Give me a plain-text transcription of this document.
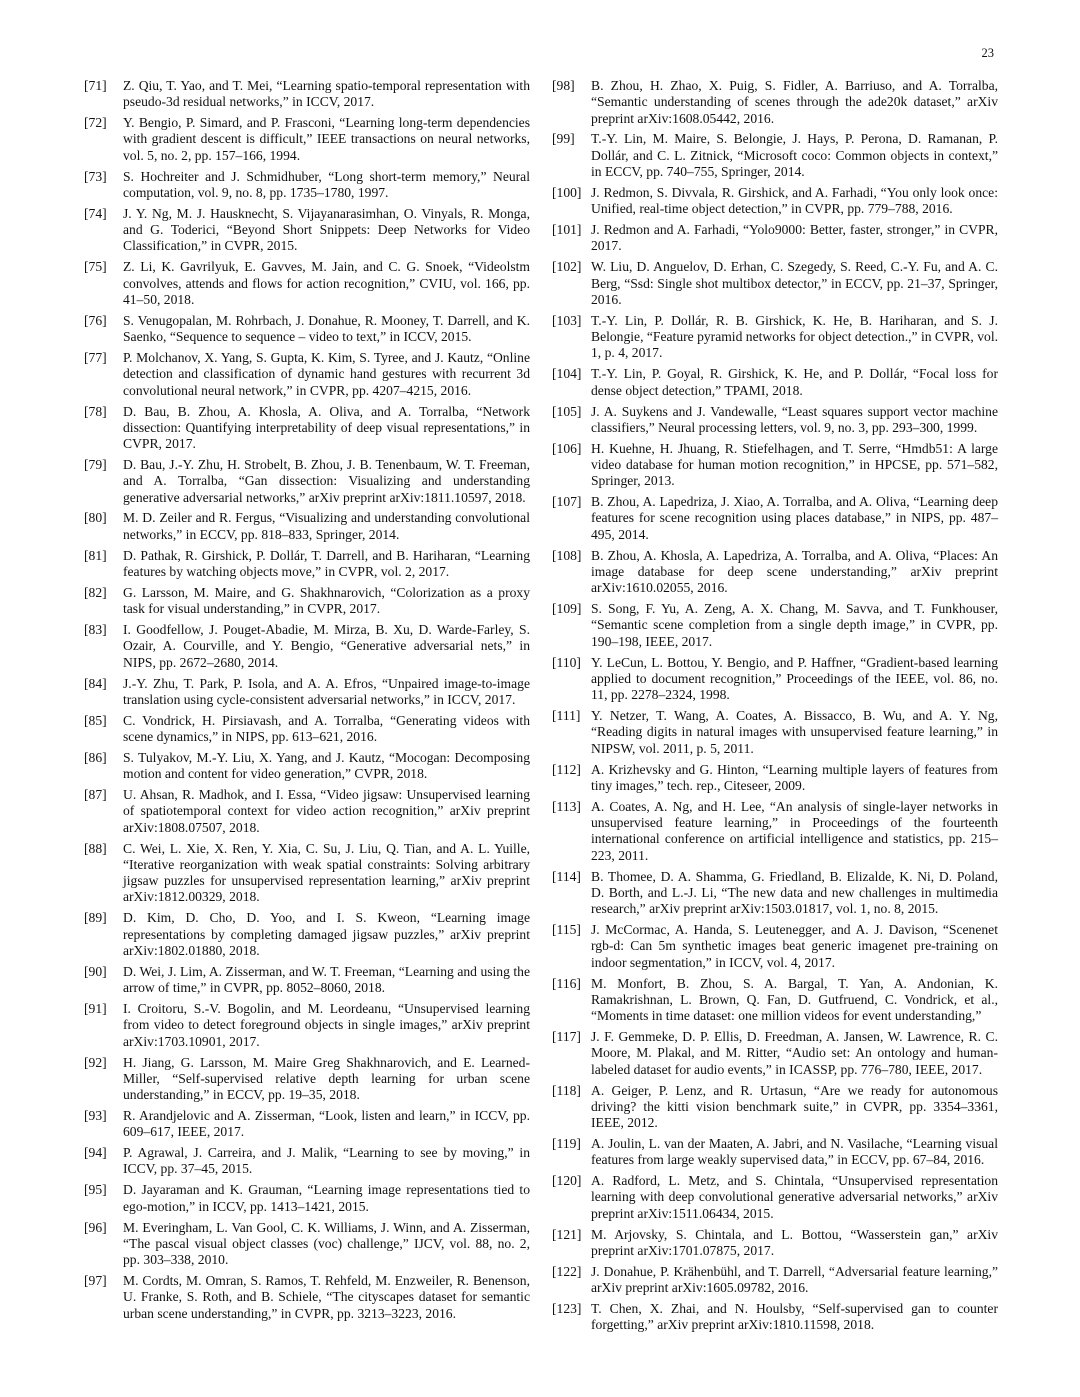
23
[71]	Z. Qiu, T. Yao, and T. Mei, “Learning spatio-temporal representation with pseudo-3d residual networks,” in ICCV, 2017.
[72]	Y. Bengio, P. Simard, and P. Frasconi, “Learning long-term dependencies with gradient descent is difficult,” IEEE transactions on neural networks, vol. 5, no. 2, pp. 157–166, 1994.
[73]	S. Hochreiter and J. Schmidhuber, “Long short-term memory,” Neural computation, vol. 9, no. 8, pp. 1735–1780, 1997.
[74]	J. Y. Ng, M. J. Hausknecht, S. Vijayanarasimhan, O. Vinyals, R. Monga, and G. Toderici, “Beyond Short Snippets: Deep Networks for Video Classification,” in CVPR, 2015.
[75]	Z. Li, K. Gavrilyuk, E. Gavves, M. Jain, and C. G. Snoek, “Videolstm convolves, attends and flows for action recognition,” CVIU, vol. 166, pp. 41–50, 2018.
[76]	S. Venugopalan, M. Rohrbach, J. Donahue, R. Mooney, T. Darrell, and K. Saenko, “Sequence to sequence – video to text,” in ICCV, 2015.
[77]	P. Molchanov, X. Yang, S. Gupta, K. Kim, S. Tyree, and J. Kautz, “Online detection and classification of dynamic hand gestures with recurrent 3d convolutional neural network,” in CVPR, pp. 4207–4215, 2016.
[78]	D. Bau, B. Zhou, A. Khosla, A. Oliva, and A. Torralba, “Network dissection: Quantifying interpretability of deep visual representations,” in CVPR, 2017.
[79]	D. Bau, J.-Y. Zhu, H. Strobelt, B. Zhou, J. B. Tenenbaum, W. T. Freeman, and A. Torralba, “Gan dissection: Visualizing and understanding generative adversarial networks,” arXiv preprint arXiv:1811.10597, 2018.
[80]	M. D. Zeiler and R. Fergus, “Visualizing and understanding convolutional networks,” in ECCV, pp. 818–833, Springer, 2014.
[81]	D. Pathak, R. Girshick, P. Dollár, T. Darrell, and B. Hariharan, “Learning features by watching objects move,” in CVPR, vol. 2, 2017.
[82]	G. Larsson, M. Maire, and G. Shakhnarovich, “Colorization as a proxy task for visual understanding,” in CVPR, 2017.
[83]	I. Goodfellow, J. Pouget-Abadie, M. Mirza, B. Xu, D. Warde-Farley, S. Ozair, A. Courville, and Y. Bengio, “Generative adversarial nets,” in NIPS, pp. 2672–2680, 2014.
[84]	J.-Y. Zhu, T. Park, P. Isola, and A. A. Efros, “Unpaired image-to-image translation using cycle-consistent adversarial networks,” in ICCV, 2017.
[85]	C. Vondrick, H. Pirsiavash, and A. Torralba, “Generating videos with scene dynamics,” in NIPS, pp. 613–621, 2016.
[86]	S. Tulyakov, M.-Y. Liu, X. Yang, and J. Kautz, “Mocogan: Decomposing motion and content for video generation,” CVPR, 2018.
[87]	U. Ahsan, R. Madhok, and I. Essa, “Video jigsaw: Unsupervised learning of spatiotemporal context for video action recognition,” arXiv preprint arXiv:1808.07507, 2018.
[88]	C. Wei, L. Xie, X. Ren, Y. Xia, C. Su, J. Liu, Q. Tian, and A. L. Yuille, “Iterative reorganization with weak spatial constraints: Solving arbitrary jigsaw puzzles for unsupervised representation learning,” arXiv preprint arXiv:1812.00329, 2018.
[89]	D. Kim, D. Cho, D. Yoo, and I. S. Kweon, “Learning image representations by completing damaged jigsaw puzzles,” arXiv preprint arXiv:1802.01880, 2018.
[90]	D. Wei, J. Lim, A. Zisserman, and W. T. Freeman, “Learning and using the arrow of time,” in CVPR, pp. 8052–8060, 2018.
[91]	I. Croitoru, S.-V. Bogolin, and M. Leordeanu, “Unsupervised learning from video to detect foreground objects in single images,” arXiv preprint arXiv:1703.10901, 2017.
[92]	H. Jiang, G. Larsson, M. Maire Greg Shakhnarovich, and E. Learned-Miller, “Self-supervised relative depth learning for urban scene understanding,” in ECCV, pp. 19–35, 2018.
[93]	R. Arandjelovic and A. Zisserman, “Look, listen and learn,” in ICCV, pp. 609–617, IEEE, 2017.
[94]	P. Agrawal, J. Carreira, and J. Malik, “Learning to see by moving,” in ICCV, pp. 37–45, 2015.
[95]	D. Jayaraman and K. Grauman, “Learning image representations tied to ego-motion,” in ICCV, pp. 1413–1421, 2015.
[96]	M. Everingham, L. Van Gool, C. K. Williams, J. Winn, and A. Zisserman, “The pascal visual object classes (voc) challenge,” IJCV, vol. 88, no. 2, pp. 303–338, 2010.
[97]	M. Cordts, M. Omran, S. Ramos, T. Rehfeld, M. Enzweiler, R. Benenson, U. Franke, S. Roth, and B. Schiele, “The cityscapes dataset for semantic urban scene understanding,” in CVPR, pp. 3213–3223, 2016.
[98]	B. Zhou, H. Zhao, X. Puig, S. Fidler, A. Barriuso, and A. Torralba, “Semantic understanding of scenes through the ade20k dataset,” arXiv preprint arXiv:1608.05442, 2016.
[99]	T.-Y. Lin, M. Maire, S. Belongie, J. Hays, P. Perona, D. Ramanan, P. Dollár, and C. L. Zitnick, “Microsoft coco: Common objects in context,” in ECCV, pp. 740–755, Springer, 2014.
[100] J. Redmon, S. Divvala, R. Girshick, and A. Farhadi, “You only look once: Unified, real-time object detection,” in CVPR, pp. 779–788, 2016.
[101] J. Redmon and A. Farhadi, “Yolo9000: Better, faster, stronger,” in CVPR, 2017.
[102] W. Liu, D. Anguelov, D. Erhan, C. Szegedy, S. Reed, C.-Y. Fu, and A. C. Berg, “Ssd: Single shot multibox detector,” in ECCV, pp. 21–37, Springer, 2016.
[103] T.-Y. Lin, P. Dollár, R. B. Girshick, K. He, B. Hariharan, and S. J. Belongie, “Feature pyramid networks for object detection.,” in CVPR, vol. 1, p. 4, 2017.
[104] T.-Y. Lin, P. Goyal, R. Girshick, K. He, and P. Dollár, “Focal loss for dense object detection,” TPAMI, 2018.
[105] J. A. Suykens and J. Vandewalle, “Least squares support vector machine classifiers,” Neural processing letters, vol. 9, no. 3, pp. 293–300, 1999.
[106] H. Kuehne, H. Jhuang, R. Stiefelhagen, and T. Serre, “Hmdb51: A large video database for human motion recognition,” in HPCSE, pp. 571–582, Springer, 2013.
[107] B. Zhou, A. Lapedriza, J. Xiao, A. Torralba, and A. Oliva, “Learning deep features for scene recognition using places database,” in NIPS, pp. 487–495, 2014.
[108] B. Zhou, A. Khosla, A. Lapedriza, A. Torralba, and A. Oliva, “Places: An image database for deep scene understanding,” arXiv preprint arXiv:1610.02055, 2016.
[109] S. Song, F. Yu, A. Zeng, A. X. Chang, M. Savva, and T. Funkhouser, “Semantic scene completion from a single depth image,” in CVPR, pp. 190–198, IEEE, 2017.
[110] Y. LeCun, L. Bottou, Y. Bengio, and P. Haffner, “Gradient-based learning applied to document recognition,” Proceedings of the IEEE, vol. 86, no. 11, pp. 2278–2324, 1998.
[111] Y. Netzer, T. Wang, A. Coates, A. Bissacco, B. Wu, and A. Y. Ng, “Reading digits in natural images with unsupervised feature learning,” in NIPSW, vol. 2011, p. 5, 2011.
[112] A. Krizhevsky and G. Hinton, “Learning multiple layers of features from tiny images,” tech. rep., Citeseer, 2009.
[113] A. Coates, A. Ng, and H. Lee, “An analysis of single-layer networks in unsupervised feature learning,” in Proceedings of the fourteenth international conference on artificial intelligence and statistics, pp. 215–223, 2011.
[114] B. Thomee, D. A. Shamma, G. Friedland, B. Elizalde, K. Ni, D. Poland, D. Borth, and L.-J. Li, “The new data and new challenges in multimedia research,” arXiv preprint arXiv:1503.01817, vol. 1, no. 8, 2015.
[115] J. McCormac, A. Handa, S. Leutenegger, and A. J. Davison, “Scenenet rgb-d: Can 5m synthetic images beat generic imagenet pre-training on indoor segmentation,” in ICCV, vol. 4, 2017.
[116] M. Monfort, B. Zhou, S. A. Bargal, T. Yan, A. Andonian, K. Ramakrishnan, L. Brown, Q. Fan, D. Gutfruend, C. Vondrick, et al., “Moments in time dataset: one million videos for event understanding,”
[117] J. F. Gemmeke, D. P. Ellis, D. Freedman, A. Jansen, W. Lawrence, R. C. Moore, M. Plakal, and M. Ritter, “Audio set: An ontology and human-labeled dataset for audio events,” in ICASSP, pp. 776–780, IEEE, 2017.
[118] A. Geiger, P. Lenz, and R. Urtasun, “Are we ready for autonomous driving? the kitti vision benchmark suite,” in CVPR, pp. 3354–3361, IEEE, 2012.
[119] A. Joulin, L. van der Maaten, A. Jabri, and N. Vasilache, “Learning visual features from large weakly supervised data,” in ECCV, pp. 67–84, 2016.
[120] A. Radford, L. Metz, and S. Chintala, “Unsupervised representation learning with deep convolutional generative adversarial networks,” arXiv preprint arXiv:1511.06434, 2015.
[121] M. Arjovsky, S. Chintala, and L. Bottou, “Wasserstein gan,” arXiv preprint arXiv:1701.07875, 2017.
[122] J. Donahue, P. Krähenbühl, and T. Darrell, “Adversarial feature learning,” arXiv preprint arXiv:1605.09782, 2016.
[123] T. Chen, X. Zhai, and N. Houlsby, “Self-supervised gan to counter forgetting,” arXiv preprint arXiv:1810.11598, 2018.
